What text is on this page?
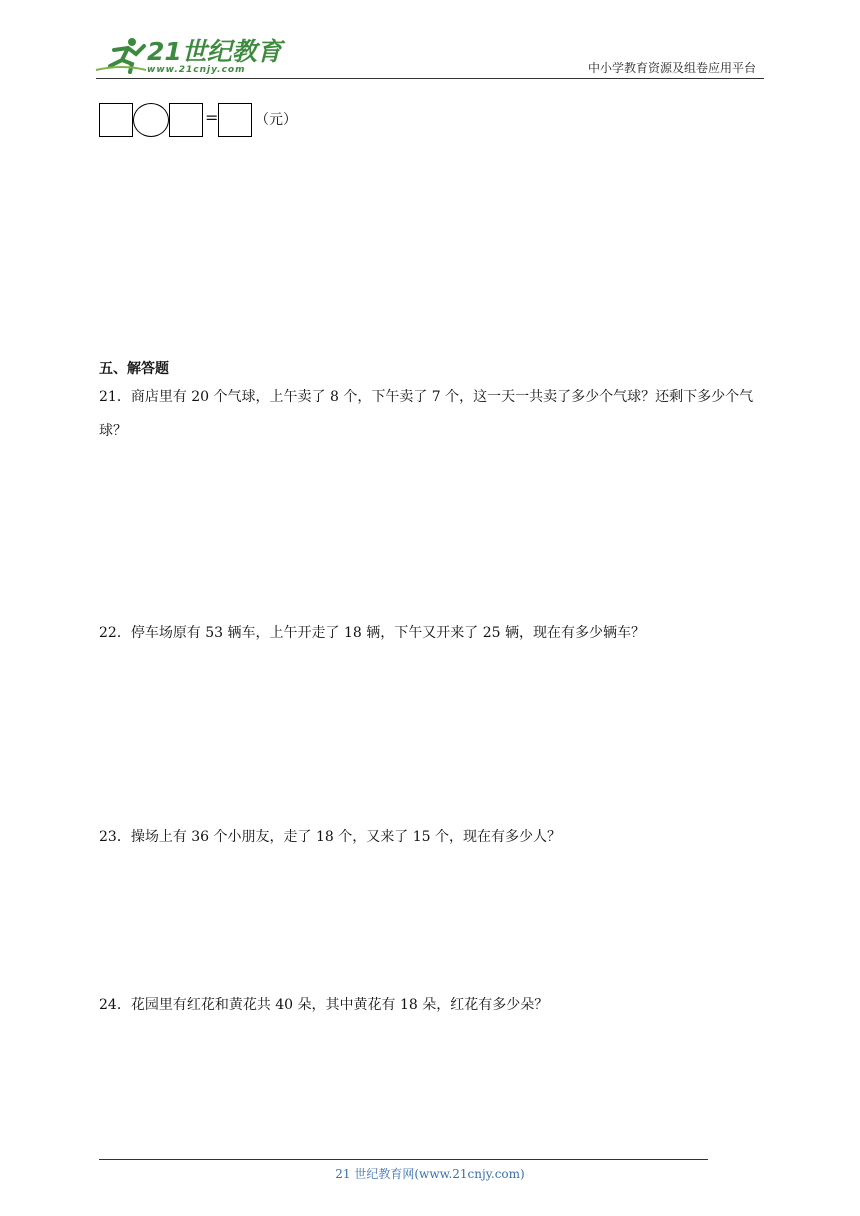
21世纪教育
www.21cnjy.com	中小学教育资源及组卷应用平台
=	（元）
五、解答题
21．商店里有 20 个气球，上午卖了 8 个，下午卖了 7 个，这一天一共卖了多少个气球？还剩下多少个气球？
22．停车场原有 53 辆车，上午开走了 18 辆，下午又开来了 25 辆，现在有多少辆车？
23．操场上有 36 个小朋友，走了 18 个，又来了 15 个，现在有多少人？
24．花园里有红花和黄花共 40 朵，其中黄花有 18 朵，红花有多少朵？
21 世纪教育网(www.21cnjy.com)
